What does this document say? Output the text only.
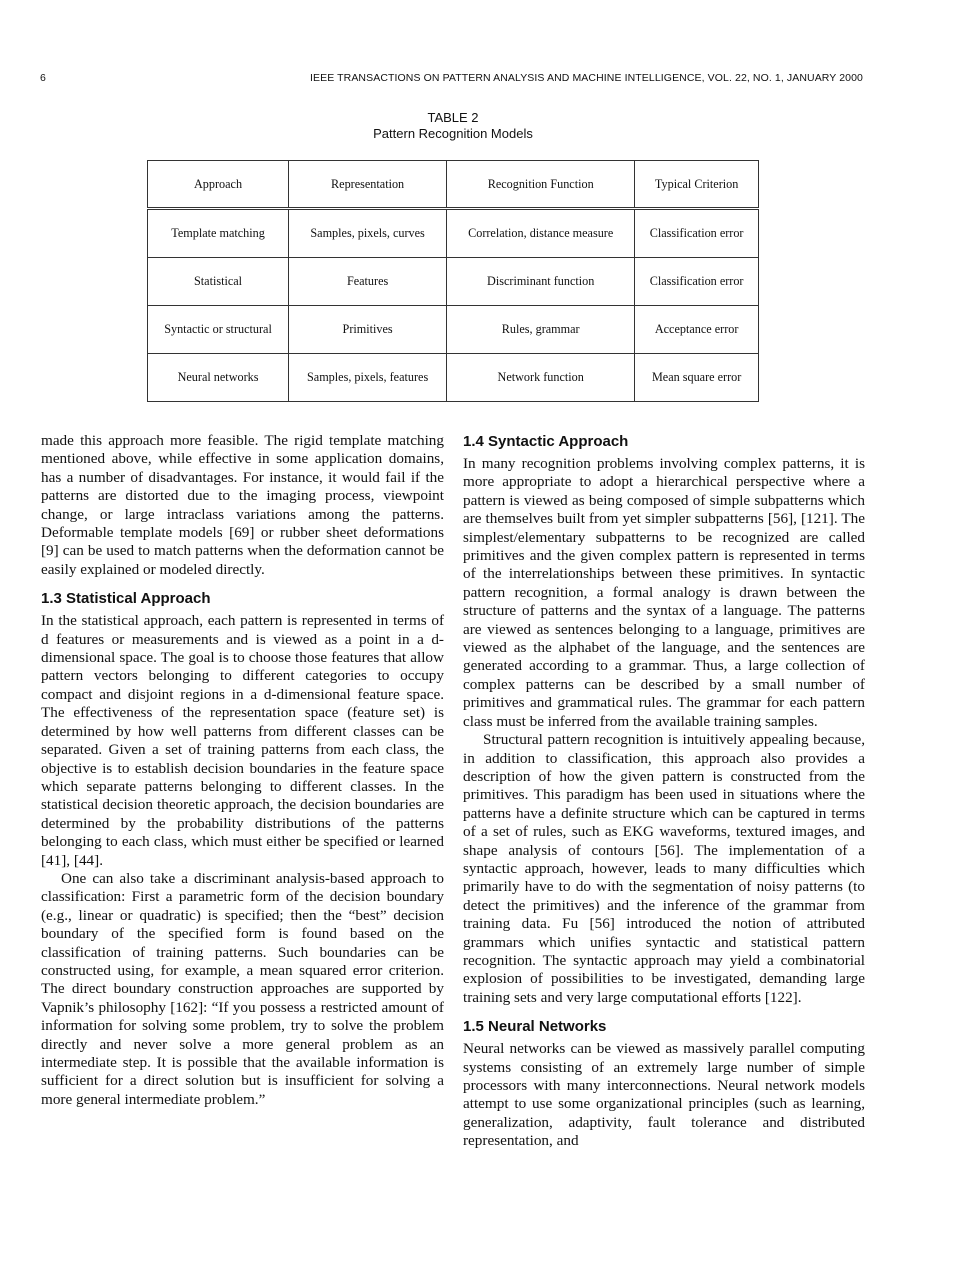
6	IEEE TRANSACTIONS ON PATTERN ANALYSIS AND MACHINE INTELLIGENCE, VOL. 22, NO. 1, JANUARY 2000
TABLE 2
Pattern Recognition Models
Approach	Representation	Recognition Function	Typical Criterion
Template matching	Samples, pixels, curves	Correlation, distance measure	Classification error
Statistical	Features	Discriminant function	Classification error
Syntactic or structural	Primitives	Rules, grammar	Acceptance error
Neural networks	Samples, pixels, features	Network function	Mean square error

made this approach more feasible. The rigid template matching mentioned above, while effective in some application domains, has a number of disadvantages. For instance, it would fail if the patterns are distorted due to the imaging process, viewpoint change, or large intraclass variations among the patterns. Deformable template models [69] or rubber sheet deformations [9] can be used to match patterns when the deformation cannot be easily explained or modeled directly.

1.3 Statistical Approach

In the statistical approach, each pattern is represented in terms of d features or measurements and is viewed as a point in a d-dimensional space. The goal is to choose those features that allow pattern vectors belonging to different categories to occupy compact and disjoint regions in a d-dimensional feature space. The effectiveness of the representation space (feature set) is determined by how well patterns from different classes can be separated. Given a set of training patterns from each class, the objective is to establish decision boundaries in the feature space which separate patterns belonging to different classes. In the statistical decision theoretic approach, the decision boundaries are determined by the probability distributions of the patterns belonging to each class, which must either be specified or learned [41], [44].

One can also take a discriminant analysis-based approach to classification: First a parametric form of the decision boundary (e.g., linear or quadratic) is specified; then the “best” decision boundary of the specified form is found based on the classification of training patterns. Such boundaries can be constructed using, for example, a mean squared error criterion. The direct boundary construction approaches are supported by Vapnik’s philosophy [162]: “If you possess a restricted amount of information for solving some problem, try to solve the problem directly and never solve a more general problem as an intermediate step. It is possible that the available information is sufficient for a direct solution but is insufficient for solving a more general intermediate problem.”

1.4 Syntactic Approach

In many recognition problems involving complex patterns, it is more appropriate to adopt a hierarchical perspective where a pattern is viewed as being composed of simple subpatterns which are themselves built from yet simpler subpatterns [56], [121]. The simplest/elementary subpatterns to be recognized are called primitives and the given complex pattern is represented in terms of the interrelationships between these primitives. In syntactic pattern recognition, a formal analogy is drawn between the structure of patterns and the syntax of a language. The patterns are viewed as sentences belonging to a language, primitives are viewed as the alphabet of the language, and the sentences are generated according to a grammar. Thus, a large collection of complex patterns can be described by a small number of primitives and grammatical rules. The grammar for each pattern class must be inferred from the available training samples.

Structural pattern recognition is intuitively appealing because, in addition to classification, this approach also provides a description of how the given pattern is constructed from the primitives. This paradigm has been used in situations where the patterns have a definite structure which can be captured in terms of a set of rules, such as EKG waveforms, textured images, and shape analysis of contours [56]. The implementation of a syntactic approach, however, leads to many difficulties which primarily have to do with the segmentation of noisy patterns (to detect the primitives) and the inference of the grammar from training data. Fu [56] introduced the notion of attributed grammars which unifies syntactic and statistical pattern recognition. The syntactic approach may yield a combinatorial explosion of possibilities to be investigated, demanding large training sets and very large computational efforts [122].

1.5 Neural Networks

Neural networks can be viewed as massively parallel computing systems consisting of an extremely large number of simple processors with many interconnections. Neural network models attempt to use some organizational principles (such as learning, generalization, adaptivity, fault tolerance and distributed representation, and
